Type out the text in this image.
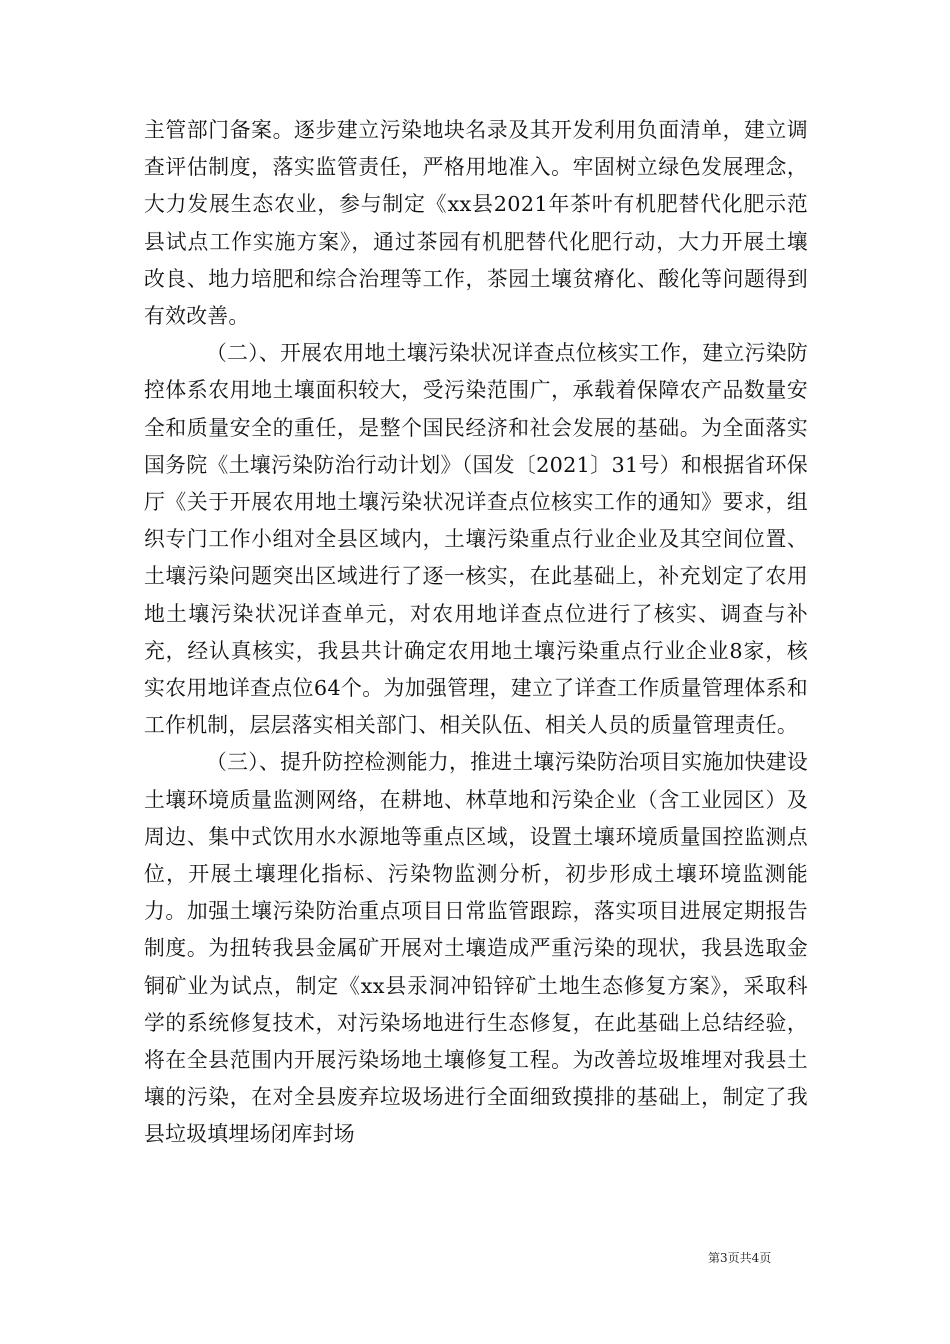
主管部门备案。逐步建立污染地块名录及其开发利用负面清单，建立调查评估制度，落实监管责任，严格用地准入。牢固树立绿色发展理念，大力发展生态农业，参与制定《xx县2021年茶叶有机肥替代化肥示范县试点工作实施方案》，通过茶园有机肥替代化肥行动，大力开展土壤改良、地力培肥和综合治理等工作，茶园土壤贫瘠化、酸化等问题得到有效改善。

（二）、开展农用地土壤污染状况详查点位核实工作，建立污染防控体系农用地土壤面积较大，受污染范围广，承载着保障农产品数量安全和质量安全的重任，是整个国民经济和社会发展的基础。为全面落实国务院《土壤污染防治行动计划》（国发〔2021〕31号）和根据省环保厅《关于开展农用地土壤污染状况详查点位核实工作的通知》要求，组织专门工作小组对全县区域内，土壤污染重点行业企业及其空间位置、土壤污染问题突出区域进行了逐一核实，在此基础上，补充划定了农用地土壤污染状况详查单元，对农用地详查点位进行了核实、调查与补充，经认真核实，我县共计确定农用地土壤污染重点行业企业8家，核实农用地详查点位64个。为加强管理，建立了详查工作质量管理体系和工作机制，层层落实相关部门、相关队伍、相关人员的质量管理责任。

（三）、提升防控检测能力，推进土壤污染防治项目实施加快建设土壤环境质量监测网络，在耕地、林草地和污染企业（含工业园区）及周边、集中式饮用水水源地等重点区域，设置土壤环境质量国控监测点位，开展土壤理化指标、污染物监测分析，初步形成土壤环境监测能力。加强土壤污染防治重点项目日常监管跟踪，落实项目进展定期报告制度。为扭转我县金属矿开展对土壤造成严重污染的现状，我县选取金铜矿业为试点，制定《xx县汞洞冲铅锌矿土地生态修复方案》，采取科学的系统修复技术，对污染场地进行生态修复，在此基础上总结经验，将在全县范围内开展污染场地土壤修复工程。为改善垃圾堆埋对我县土壤的污染，在对全县废弃垃圾场进行全面细致摸排的基础上，制定了我县垃圾填埋场闭库封场

第3页共4页
